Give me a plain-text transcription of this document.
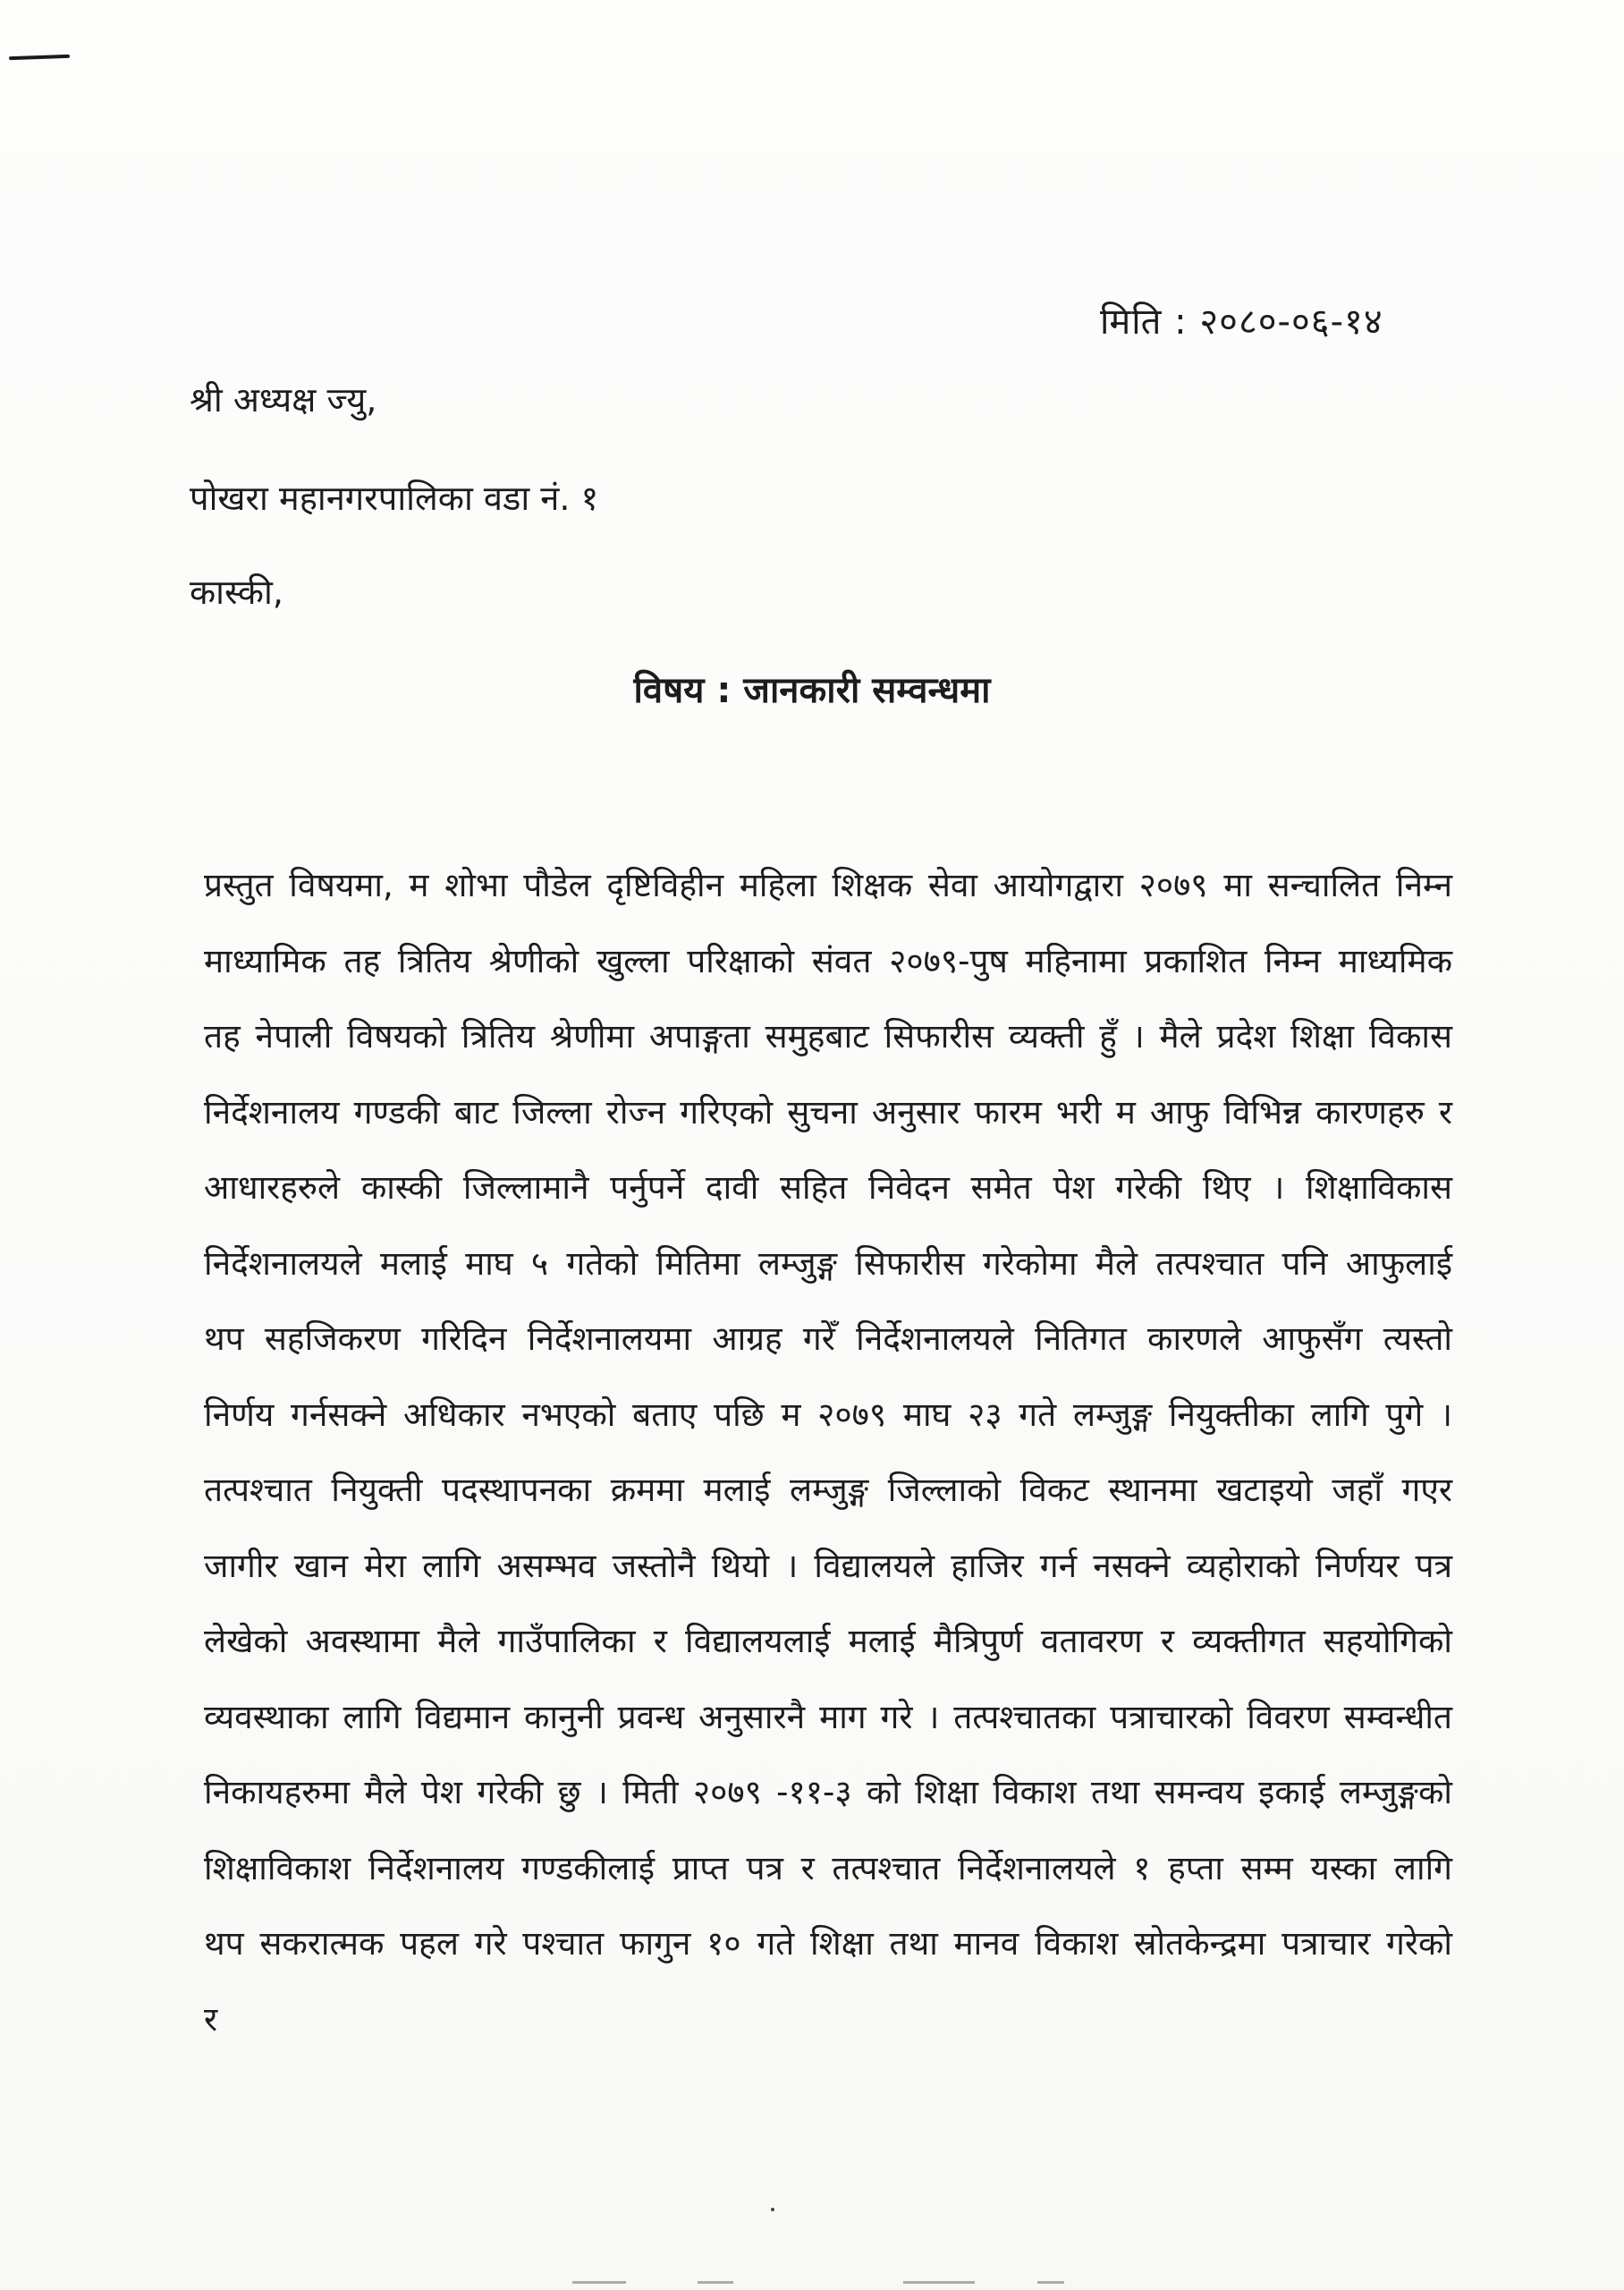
मिति : २०८०-०६-१४
श्री अध्यक्ष ज्यु,
पोखरा महानगरपालिका वडा नं. १
कास्की,
विषय : जानकारी सम्वन्धमा
प्रस्तुत विषयमा, म शोभा पौडेल दृष्टिविहीन महिला शिक्षक सेवा आयोगद्वारा २०७९ मा सन्चालित निम्न माध्यामिक तह त्रितिय श्रेणीको खुल्ला परिक्षाको संवत २०७९-पुष महिनामा प्रकाशित निम्न माध्यमिक तह नेपाली विषयको त्रितिय श्रेणीमा अपाङ्गता समुहबाट सिफारीस व्यक्ती हुँ । मैले प्रदेश शिक्षा विकास निर्देशनालय गण्डकी बाट जिल्ला रोज्न गरिएको सुचना अनुसार फारम भरी म आफु विभिन्न कारणहरु र आधारहरुले कास्की जिल्लामानै पर्नुपर्ने दावी सहित निवेदन समेत पेश गरेकी थिए । शिक्षाविकास निर्देशनालयले मलाई माघ ५ गतेको मितिमा लम्जुङ्ग सिफारीस गरेकोमा मैले तत्पश्चात पनि आफुलाई थप सहजिकरण गरिदिन निर्देशनालयमा आग्रह गरेँ निर्देशनालयले नितिगत कारणले आफुसँग त्यस्तो निर्णय गर्नसक्ने अधिकार नभएको बताए पछि म २०७९ माघ २३ गते लम्जुङ्ग नियुक्तीका लागि पुगे । तत्पश्चात नियुक्ती पदस्थापनका क्रममा मलाई लम्जुङ्ग जिल्लाको विकट स्थानमा खटाइयो जहाँ गएर जागीर खान मेरा लागि असम्भव जस्तोनै थियो । विद्यालयले हाजिर गर्न नसक्ने व्यहोराको निर्णयर पत्र लेखेको अवस्थामा मैले गाउँपालिका र विद्यालयलाई मलाई मैत्रिपुर्ण वतावरण र व्यक्तीगत सहयोगिको व्यवस्थाका लागि विद्यमान कानुनी प्रवन्ध अनुसारनै माग गरे । तत्पश्चातका पत्राचारको विवरण सम्वन्धीत निकायहरुमा मैले पेश गरेकी छु । मिती २०७९ -११-३ को शिक्षा विकाश तथा समन्वय इकाई लम्जुङ्गको शिक्षाविकाश निर्देशनालय गण्डकीलाई प्राप्त पत्र र तत्पश्चात निर्देशनालयले १ हप्ता सम्म यस्का लागि थप सकरात्मक पहल गरे पश्चात फागुन १० गते शिक्षा तथा मानव विकाश स्रोतकेन्द्रमा पत्राचार गरेको र
